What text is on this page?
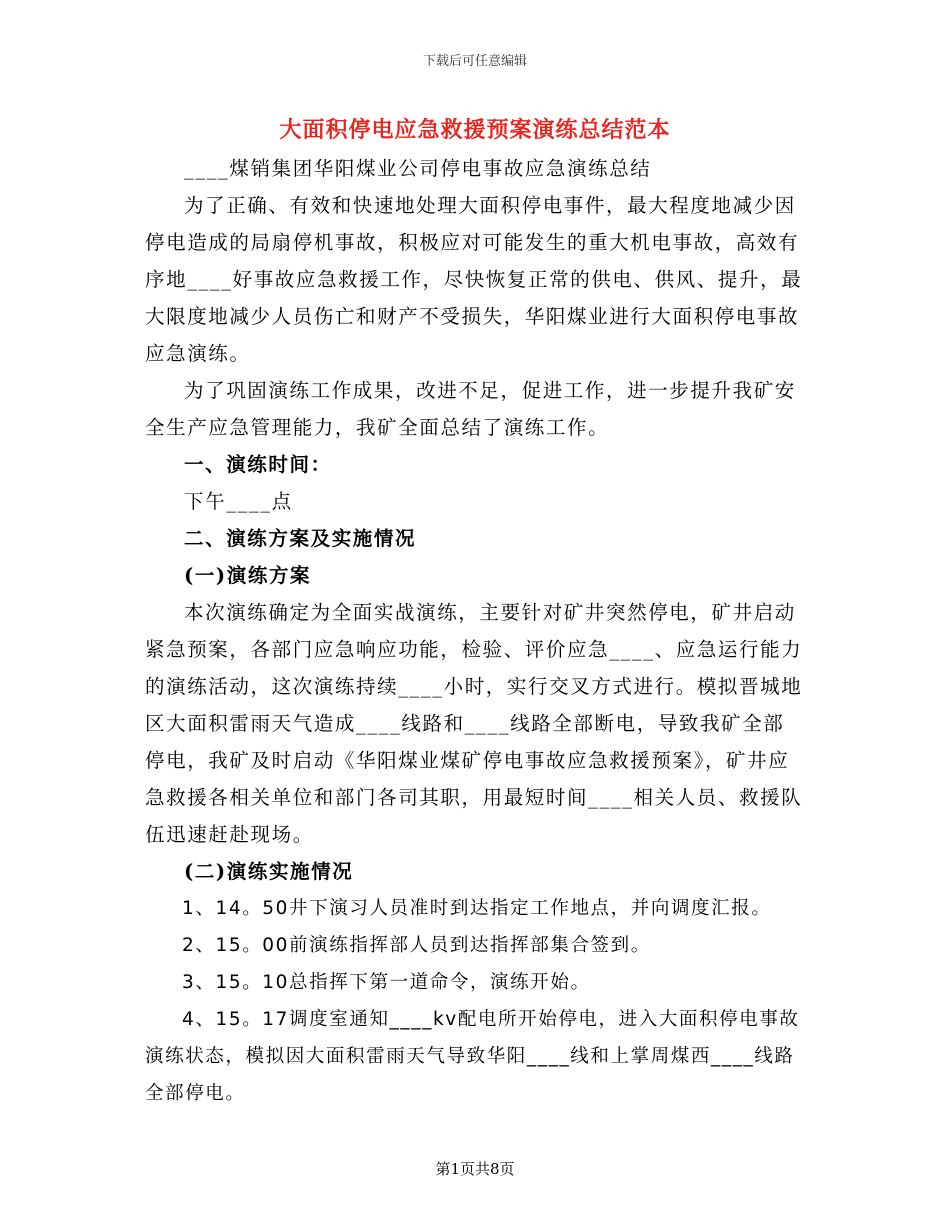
下载后可任意编辑
大面积停电应急救援预案演练总结范本

____煤销集团华阳煤业公司停电事故应急演练总结

为了正确、有效和快速地处理大面积停电事件，最大程度地减少因停电造成的局扇停机事故，积极应对可能发生的重大机电事故，高效有序地____好事故应急救援工作，尽快恢复正常的供电、供风、提升，最大限度地减少人员伤亡和财产不受损失，华阳煤业进行大面积停电事故应急演练。

为了巩固演练工作成果，改进不足，促进工作，进一步提升我矿安全生产应急管理能力，我矿全面总结了演练工作。

一、演练时间：

下午____点

二、演练方案及实施情况

(一)演练方案

本次演练确定为全面实战演练，主要针对矿井突然停电，矿井启动紧急预案，各部门应急响应功能，检验、评价应急____、应急运行能力的演练活动，这次演练持续____小时，实行交叉方式进行。模拟晋城地区大面积雷雨天气造成____线路和____线路全部断电，导致我矿全部停电，我矿及时启动《华阳煤业煤矿停电事故应急救援预案》，矿井应急救援各相关单位和部门各司其职，用最短时间____相关人员、救援队伍迅速赶赴现场。

(二)演练实施情况

1、14。50井下演习人员准时到达指定工作地点，并向调度汇报。

2、15。00前演练指挥部人员到达指挥部集合签到。

3、15。10总指挥下第一道命令，演练开始。

4、15。17调度室通知____kv配电所开始停电，进入大面积停电事故演练状态，模拟因大面积雷雨天气导致华阳____线和上掌周煤西____线路全部停电。

第1页共8页
